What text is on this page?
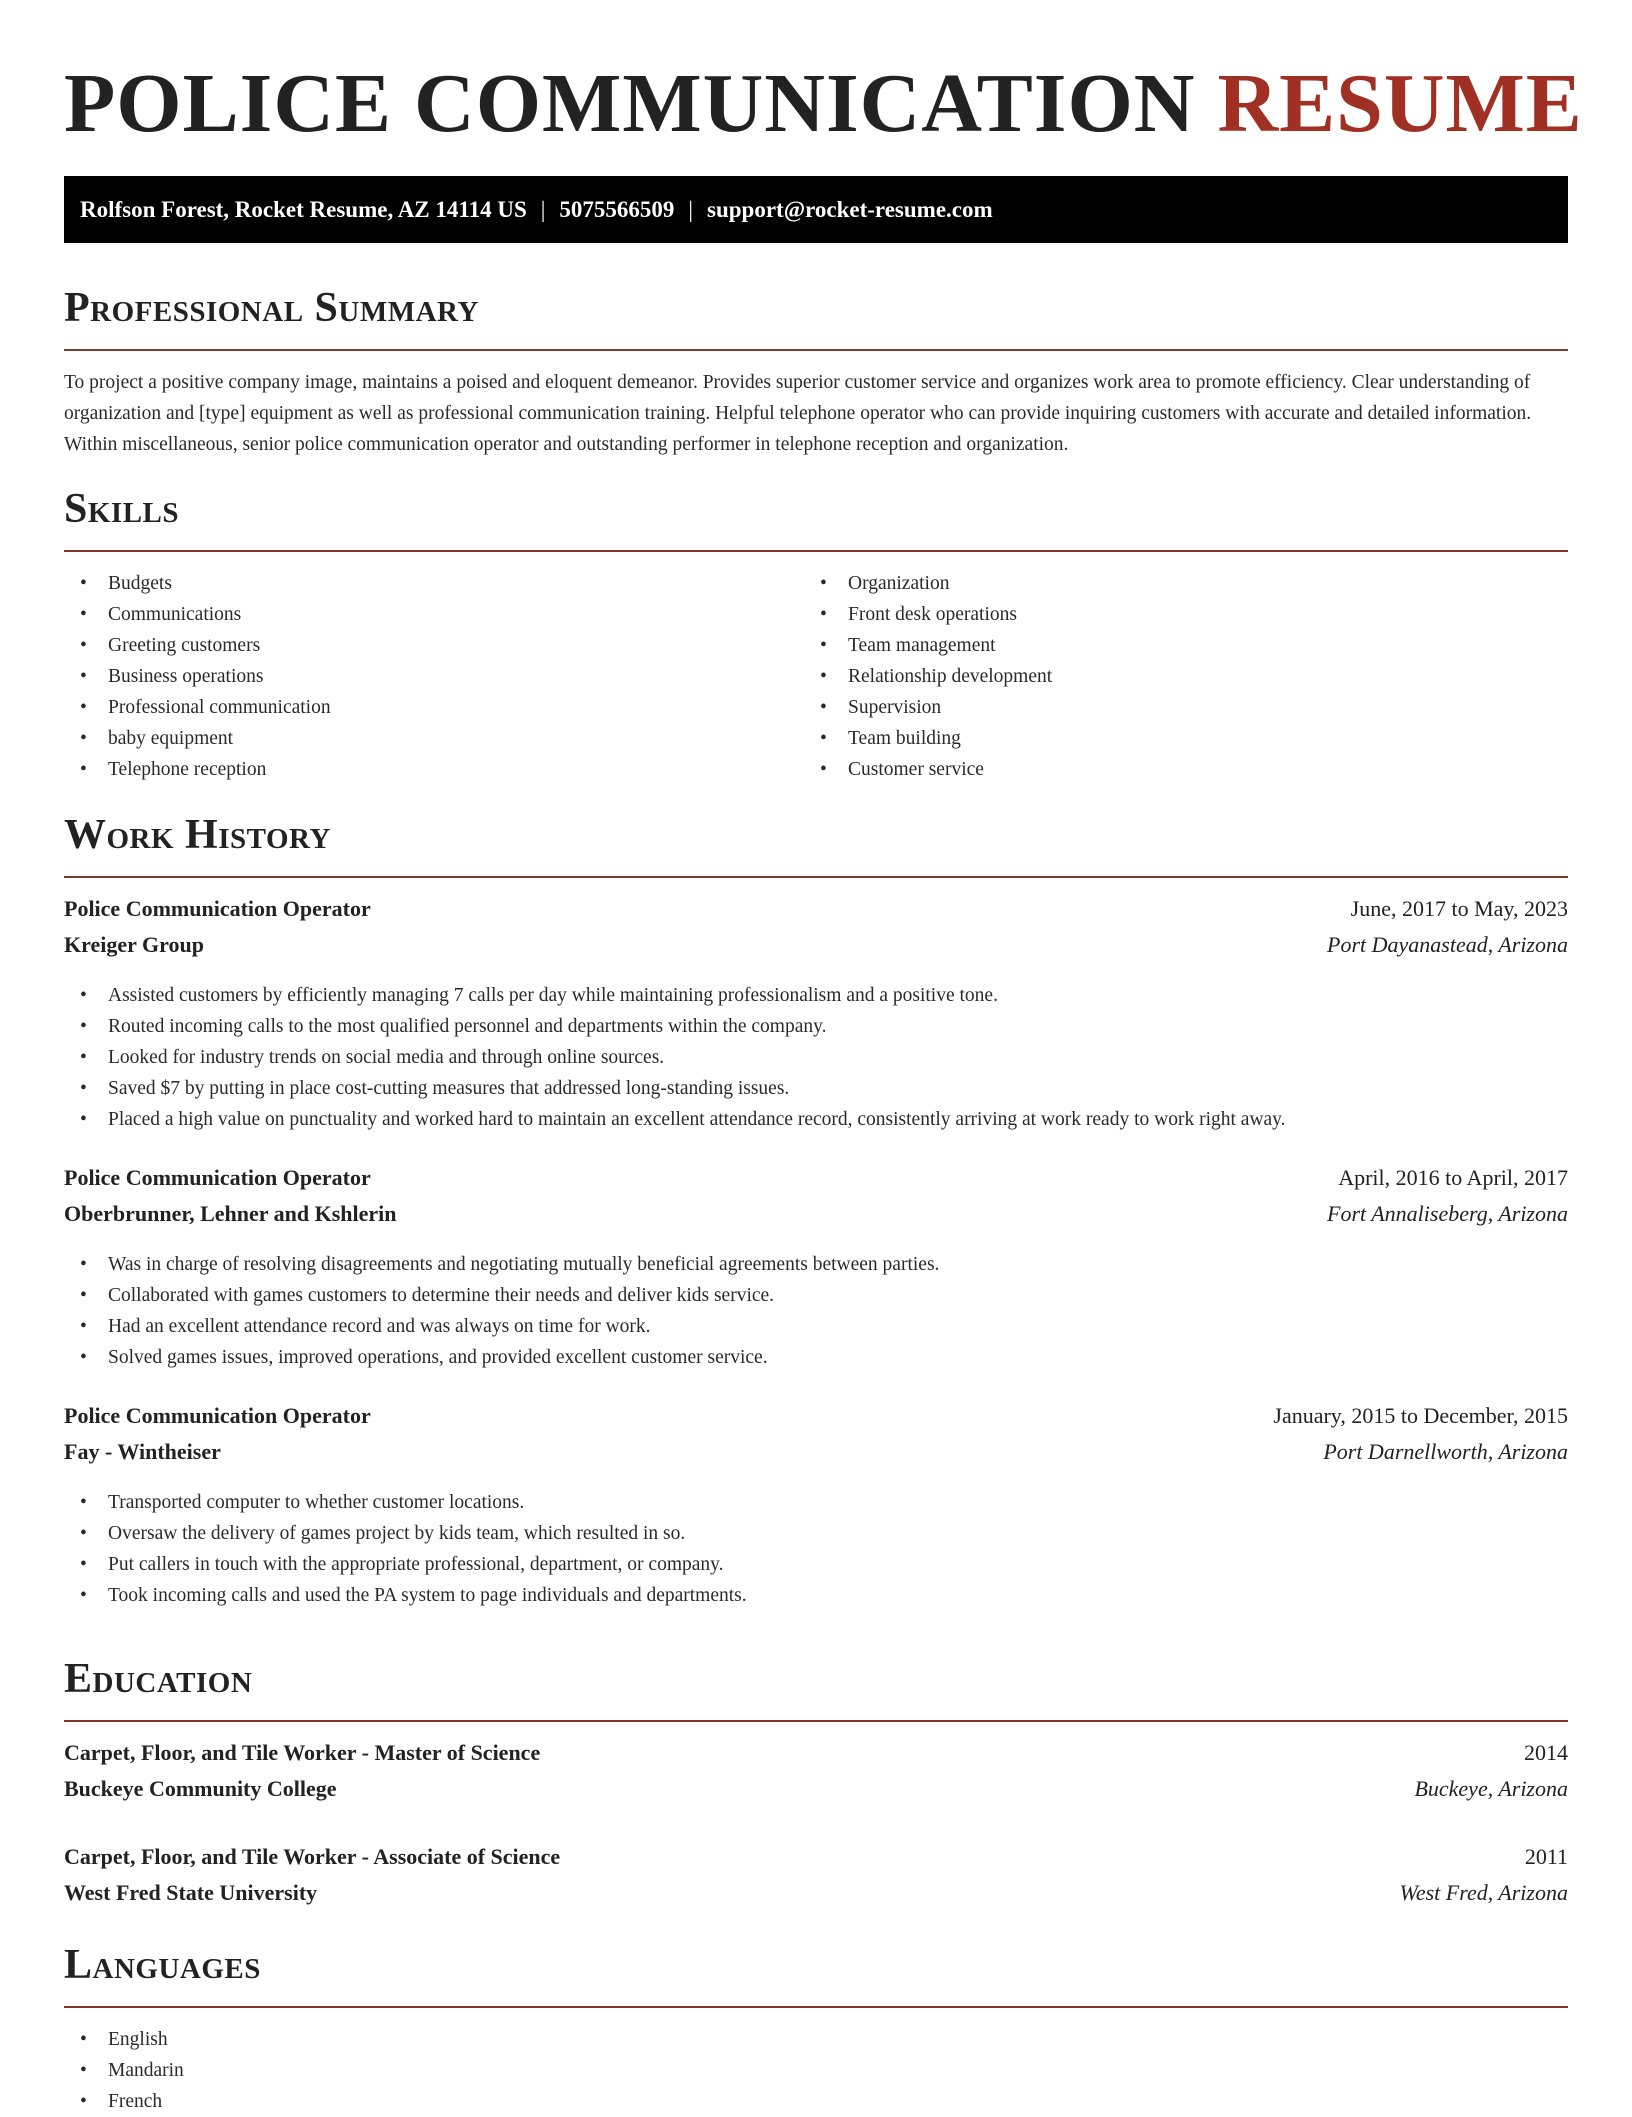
POLICE COMMUNICATION RESUME
Rolfson Forest, Rocket Resume, AZ 14114 US | 5075566509 | support@rocket-resume.com
Professional Summary
To project a positive company image, maintains a poised and eloquent demeanor. Provides superior customer service and organizes work area to promote efficiency. Clear understanding of organization and [type] equipment as well as professional communication training. Helpful telephone operator who can provide inquiring customers with accurate and detailed information. Within miscellaneous, senior police communication operator and outstanding performer in telephone reception and organization.
Skills
• Budgets
• Communications
• Greeting customers
• Business operations
• Professional communication
• baby equipment
• Telephone reception
• Organization
• Front desk operations
• Team management
• Relationship development
• Supervision
• Team building
• Customer service
Work History
Police Communication Operator	June, 2017 to May, 2023
Kreiger Group	Port Dayanastead, Arizona
• Assisted customers by efficiently managing 7 calls per day while maintaining professionalism and a positive tone.
• Routed incoming calls to the most qualified personnel and departments within the company.
• Looked for industry trends on social media and through online sources.
• Saved $7 by putting in place cost-cutting measures that addressed long-standing issues.
• Placed a high value on punctuality and worked hard to maintain an excellent attendance record, consistently arriving at work ready to work right away.
Police Communication Operator	April, 2016 to April, 2017
Oberbrunner, Lehner and Kshlerin	Fort Annaliseberg, Arizona
• Was in charge of resolving disagreements and negotiating mutually beneficial agreements between parties.
• Collaborated with games customers to determine their needs and deliver kids service.
• Had an excellent attendance record and was always on time for work.
• Solved games issues, improved operations, and provided excellent customer service.
Police Communication Operator	January, 2015 to December, 2015
Fay - Wintheiser	Port Darnellworth, Arizona
• Transported computer to whether customer locations.
• Oversaw the delivery of games project by kids team, which resulted in so.
• Put callers in touch with the appropriate professional, department, or company.
• Took incoming calls and used the PA system to page individuals and departments.
Education
Carpet, Floor, and Tile Worker - Master of Science	2014
Buckeye Community College	Buckeye, Arizona
Carpet, Floor, and Tile Worker - Associate of Science	2011
West Fred State University	West Fred, Arizona
Languages
• English
• Mandarin
• French
